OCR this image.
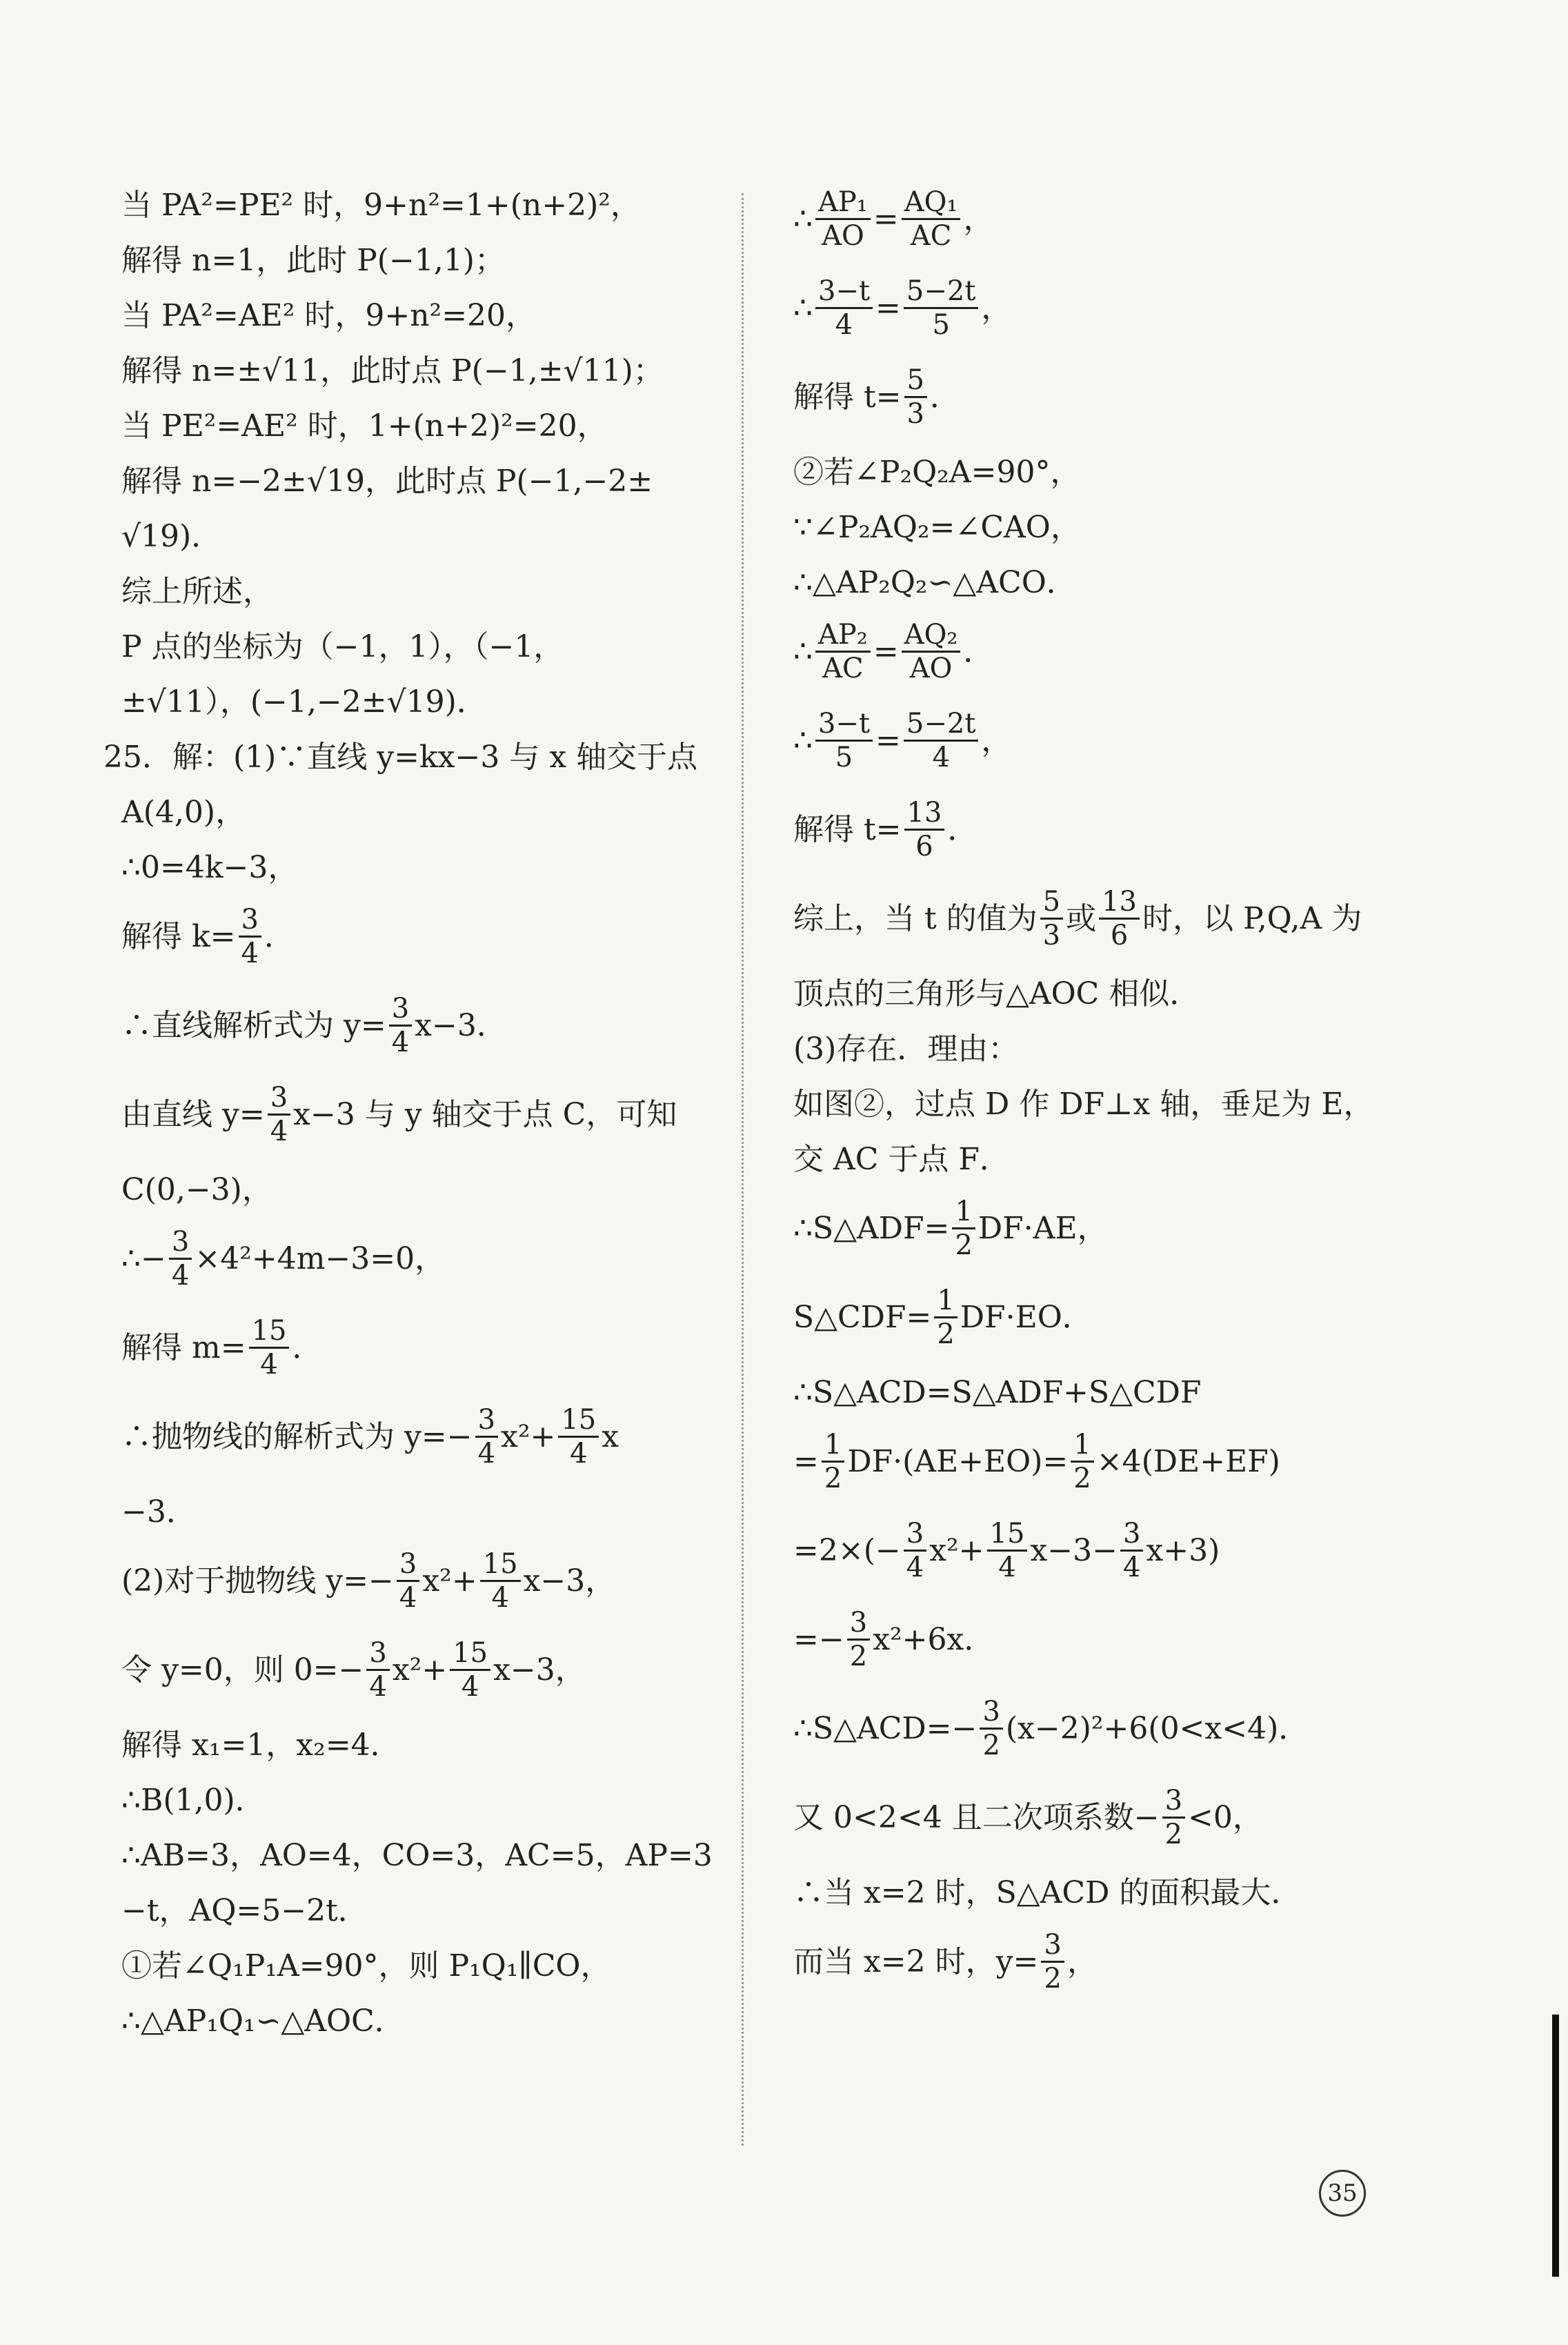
当 PA²=PE² 时，9+n²=1+(n+2)²，
解得 n=1，此时 P(−1,1)；
当 PA²=AE² 时，9+n²=20，
解得 n=±√11，此时点 P(−1,±√11)；
当 PE²=AE² 时，1+(n+2)²=20，
解得 n=−2±√19，此时点 P(−1,−2±
√19)．
综上所述，
P 点的坐标为（−1，1），（−1，
±√11），(−1,−2±√19)．
25．解：(1)∵直线 y=kx−3 与 x 轴交于点
A(4,0)，
∴0=4k−3，
解得 $k= \frac{3}{4}$ ．
∴直线解析式为 $y= \frac{3}{4} x-3$．
由直线 $y= \frac{3}{4} x-3$ 与 y 轴交于点 C，可知
C(0,−3)，
∴− $\frac{3}{4} \times 4^2+4m-3=0$，
解得 $m= \frac{15}{4}$ ．
∴抛物线的解析式为 $y=- \frac{3}{4} x^2+ \frac{15}{4}$ x
−3．
(2)对于抛物线 $y=- \frac{3}{4} x^2+ \frac{15}{4} x-3$，
令 y=0，则 $0=- \frac{3}{4} x^2+ \frac{15}{4} x-3$，
解得 x₁=1，x₂=4．
∴B(1,0)．
∴AB=3，AO=4，CO=3，AC=5，AP=3
−t，AQ=5−2t．
①若∠Q₁P₁A=90°，则 P₁Q₁∥CO，
∴△AP₁Q₁∽△AOC．
∴ $\frac{\text{AP₁}}{AO} = \frac{\text{AQ₁}}{AC}$ ，
∴ $\frac{3-t}{4} = \frac{5-2t}{5}$ ，
解得 $t= \frac{5}{3}$ ．
②若∠P₂Q₂A=90°，
∵∠P₂AQ₂=∠CAO，
∴△AP₂Q₂∽△ACO．
∴ $\frac{\text{AP₂}}{AC} = \frac{\text{AQ₂}}{AO}$ ．
∴ $\frac{3-t}{5} = \frac{5-2t}{4}$ ，
解得 $t= \frac{13}{6}$ ．
综上，当 t 的值为 $\frac{5}{3}$ 或 $\frac{13}{6}$ 时，以 P,Q,A 为
顶点的三角形与△AOC 相似．
(3)存在．理由：
如图②，过点 D 作 DF⊥x 轴，垂足为 E，
交 AC 于点 F．
∴S△ADF= $\frac{1}{2} DF\cdot AE$，
S△CDF= $\frac{1}{2} DF\cdot EO$．
∴S△ACD=S△ADF+S△CDF
= $\frac{1}{2} DF\cdot(AE+EO)= \frac{1}{2} \times 4(DE+EF)$
$=2\times(- \frac{3}{4} x^2+ \frac{15}{4} x-3- \frac{3}{4} x+3)$
=− $\frac{3}{2} x^2+6x$．
∴S△ACD=− $\frac{3}{2} (x-2)^2+6(0<x<4)$．
又 0<2<4 且二次项系数− $\frac{3}{2} <0$，
∴当 x=2 时，S△ACD 的面积最大．
而当 x=2 时，$y= \frac{3}{2}$ ，
35
